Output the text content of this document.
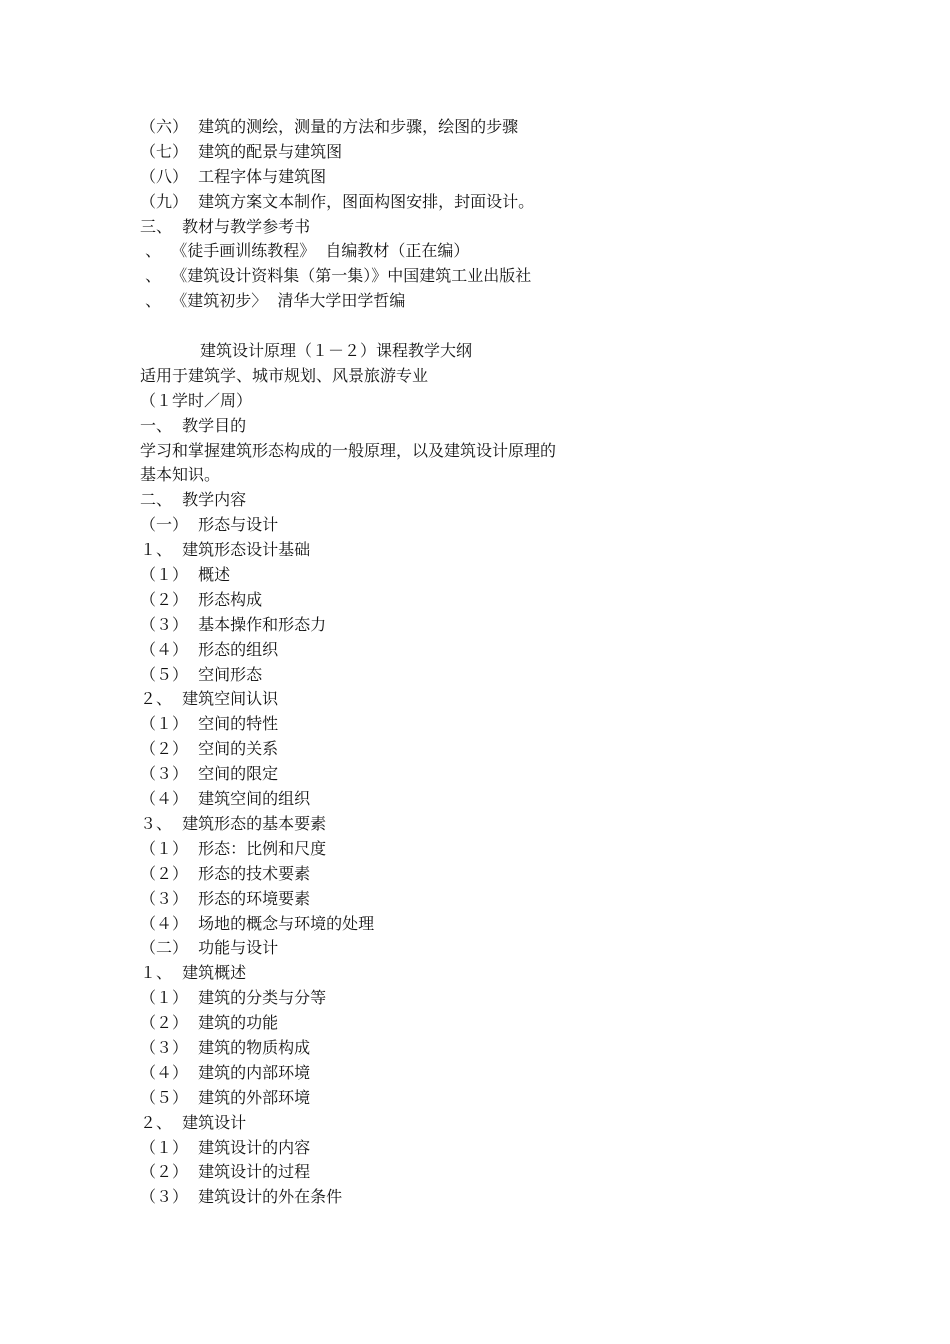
（六）  建筑的测绘，测量的方法和步骤，绘图的步骤
（七）  建筑的配景与建筑图
（八）  工程字体与建筑图
（九）  建筑方案文本制作，图面构图安排，封面设计。
三、  教材与教学参考书
、  《徒手画训练教程》  自编教材（正在编）
、  《建筑设计资料集（第一集）》中国建筑工业出版社
、  《建筑初步〉  清华大学田学哲编
建筑设计原理（１－２）课程教学大纲
适用于建筑学、城市规划、风景旅游专业
（１学时／周）
一、  教学目的
学习和掌握建筑形态构成的一般原理，以及建筑设计原理的
基本知识。
二、  教学内容
（一）  形态与设计
１、  建筑形态设计基础
（１）  概述
（２）  形态构成
（３）  基本操作和形态力
（４）  形态的组织
（５）  空间形态
２、  建筑空间认识
（１）  空间的特性
（２）  空间的关系
（３）  空间的限定
（４）  建筑空间的组织
３、  建筑形态的基本要素
（１）  形态：比例和尺度
（２）  形态的技术要素
（３）  形态的环境要素
（４）  场地的概念与环境的处理
（二）  功能与设计
１、  建筑概述
（１）  建筑的分类与分等
（２）  建筑的功能
（３）  建筑的物质构成
（４）  建筑的内部环境
（５）  建筑的外部环境
２、  建筑设计
（１）  建筑设计的内容
（２）  建筑设计的过程
（３）  建筑设计的外在条件
